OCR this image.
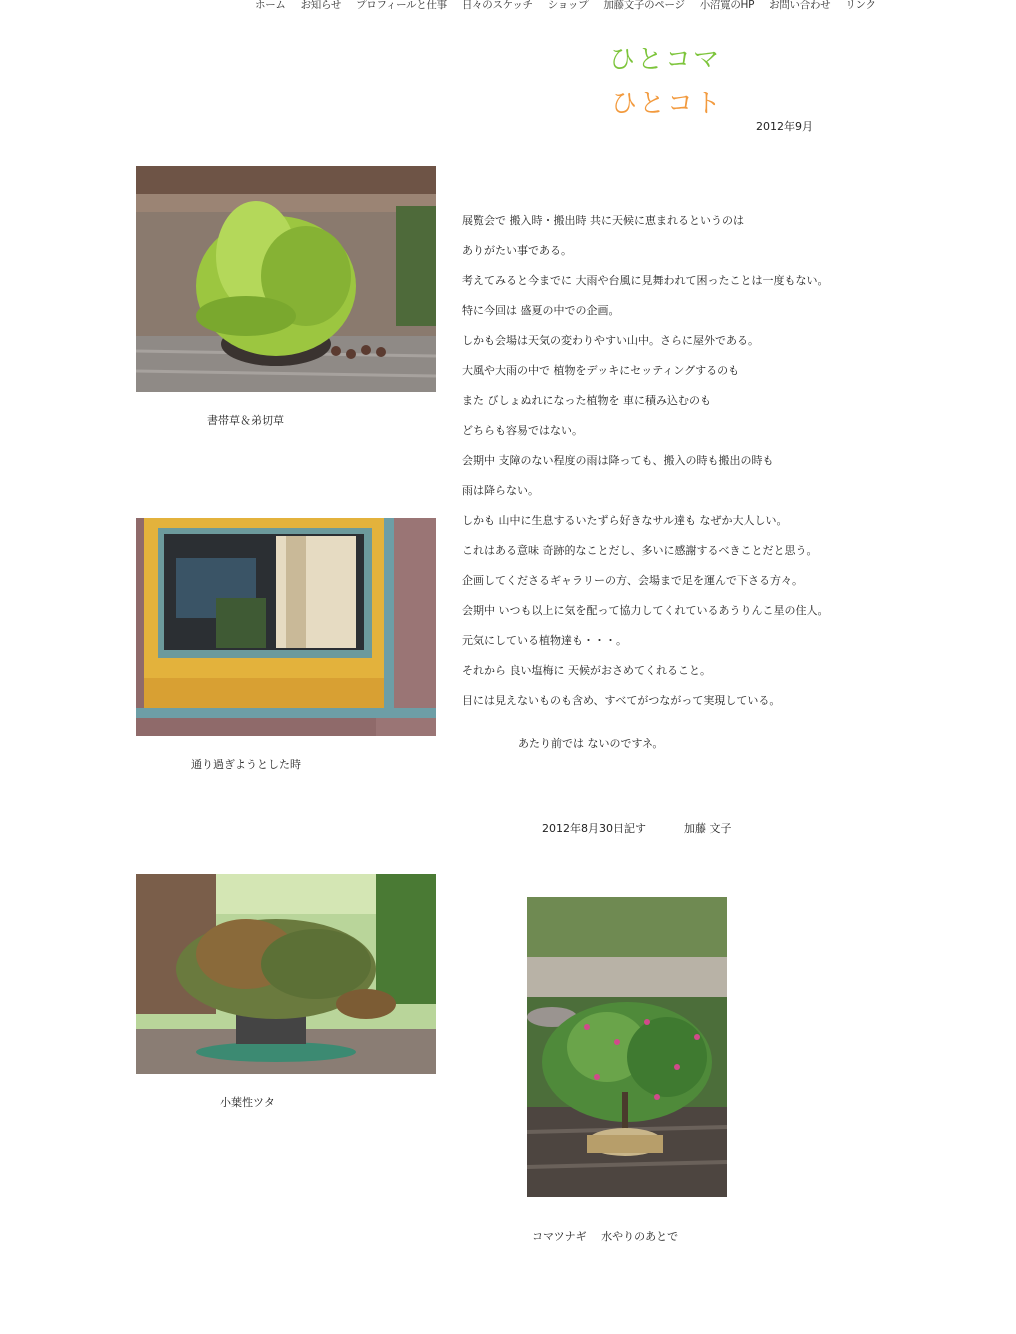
ホーム お知らせ プロフィールと仕事 日々のスケッチ ショップ 加藤文子のページ 小沼寛のHP お問い合わせ リンク
ひとコマ
ひとコト
2012年9月
書帯草＆弟切草
通り過ぎようとした時
小葉性ツタ
コマツナギ　 水やりのあとで

展覧会で 搬入時・搬出時 共に天候に恵まれるというのは

ありがたい事である。

考えてみると今までに 大雨や台風に見舞われて困ったことは一度もない。

特に今回は 盛夏の中での企画。

しかも会場は天気の変わりやすい山中。さらに屋外である。

大風や大雨の中で 植物をデッキにセッティングするのも

また びしょぬれになった植物を 車に積み込むのも

どちらも容易ではない。

会期中 支障のない程度の雨は降っても、搬入の時も搬出の時も

雨は降らない。

しかも 山中に生息するいたずら好きなサル達も なぜか大人しい。

これはある意味 奇跡的なことだし、多いに感謝するべきことだと思う。

企画してくださるギャラリーの方、会場まで足を運んで下さる方々。

会期中 いつも以上に気を配って協力してくれているあうりんこ星の住人。

元気にしている植物達も・・・。

それから 良い塩梅に 天候がおさめてくれること。

目には見えないものも含め、すべてがつながって実現している。

あたり前では ないのですネ。
2012年8月30日記す	加藤 文子
